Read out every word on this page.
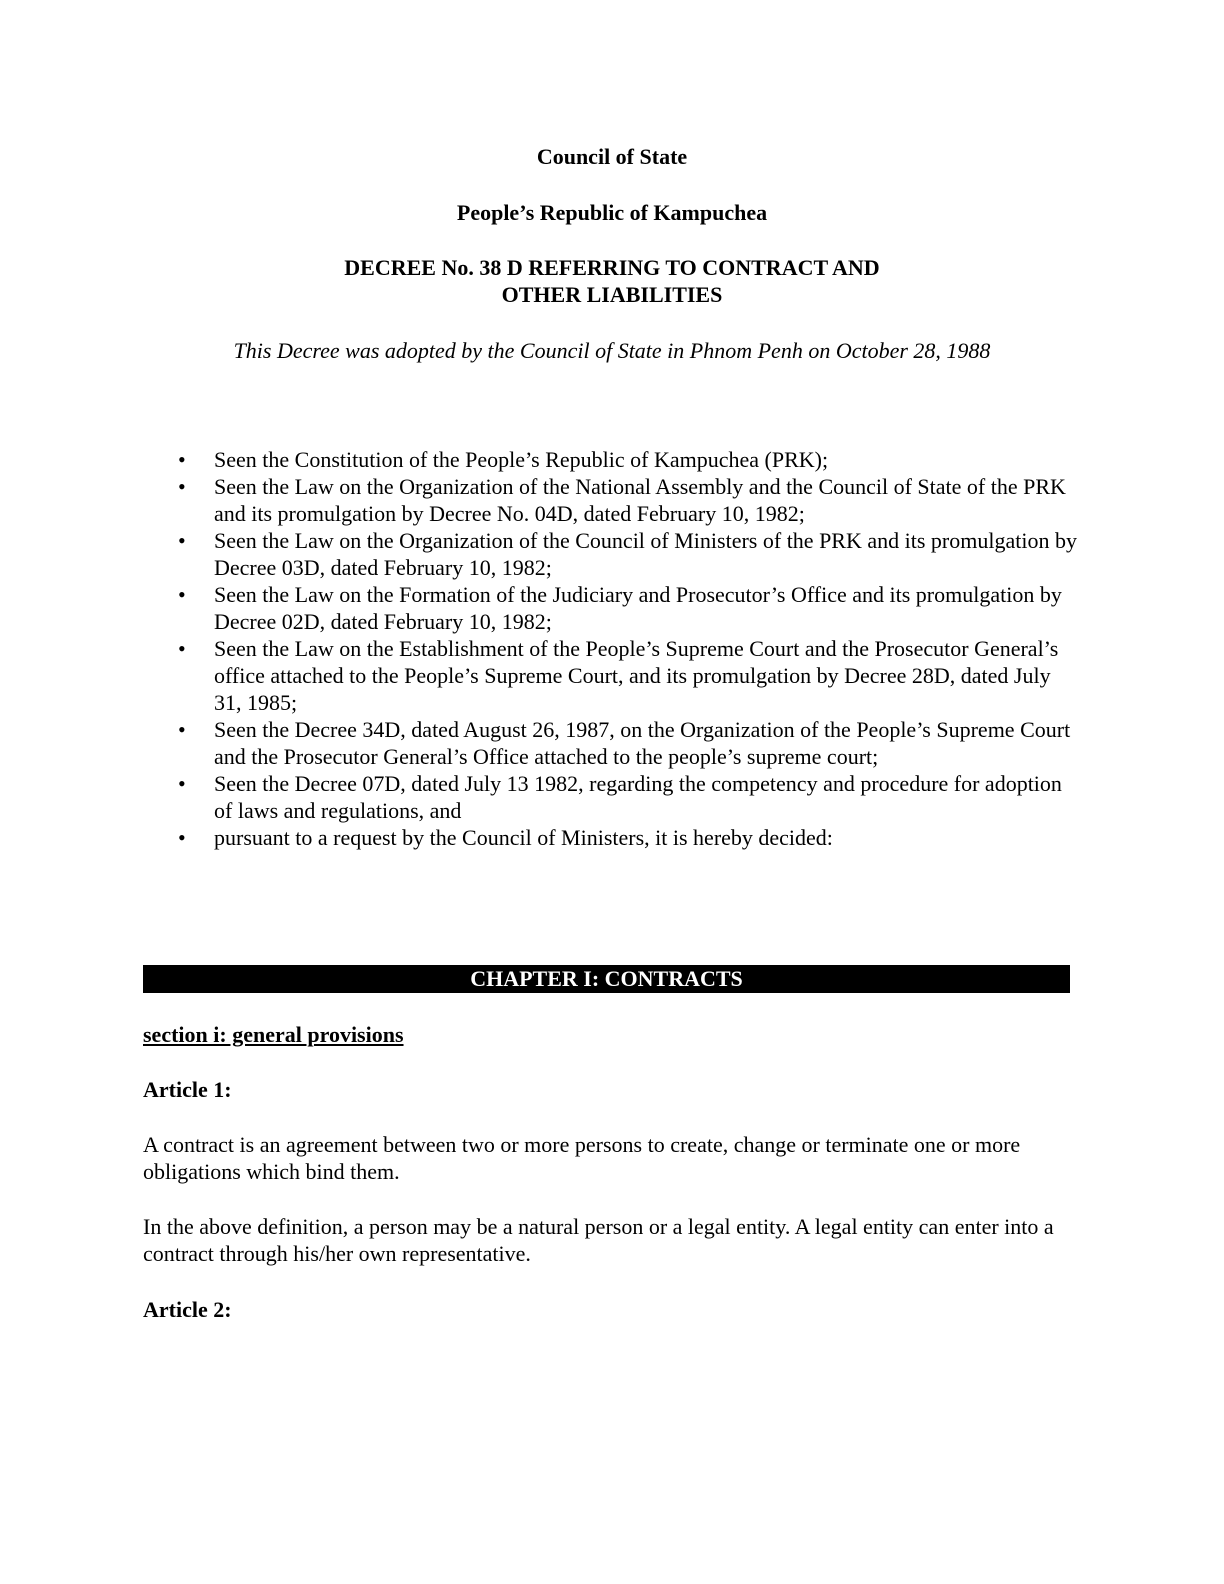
Council of State
People’s Republic of Kampuchea
DECREE No. 38 D REFERRING TO CONTRACT AND
OTHER LIABILITIES
This Decree was adopted by the Council of State in Phnom Penh on October 28, 1988
• Seen the Constitution of the People’s Republic of Kampuchea (PRK);
• Seen the Law on the Organization of the National Assembly and the Council of State of the PRK and its promulgation by Decree No. 04D, dated February 10, 1982;
• Seen the Law on the Organization of the Council of Ministers of the PRK and its promulgation by Decree 03D, dated February 10, 1982;
• Seen the Law on the Formation of the Judiciary and Prosecutor’s Office and its promulgation by Decree 02D, dated February 10, 1982;
• Seen the Law on the Establishment of the People’s Supreme Court and the Prosecutor General’s office attached to the People’s Supreme Court, and its promulgation by Decree 28D, dated July 31, 1985;
• Seen the Decree 34D, dated August 26, 1987, on the Organization of the People’s Supreme Court and the Prosecutor General’s Office attached to the people’s supreme court;
• Seen the Decree 07D, dated July 13 1982, regarding the competency and procedure for adoption of laws and regulations, and
• pursuant to a request by the Council of Ministers, it is hereby decided:
CHAPTER I: CONTRACTS
section i: general provisions
Article 1:
A contract is an agreement between two or more persons to create, change or terminate one or more obligations which bind them.
In the above definition, a person may be a natural person or a legal entity. A legal entity can enter into a contract through his/her own representative.
Article 2:
